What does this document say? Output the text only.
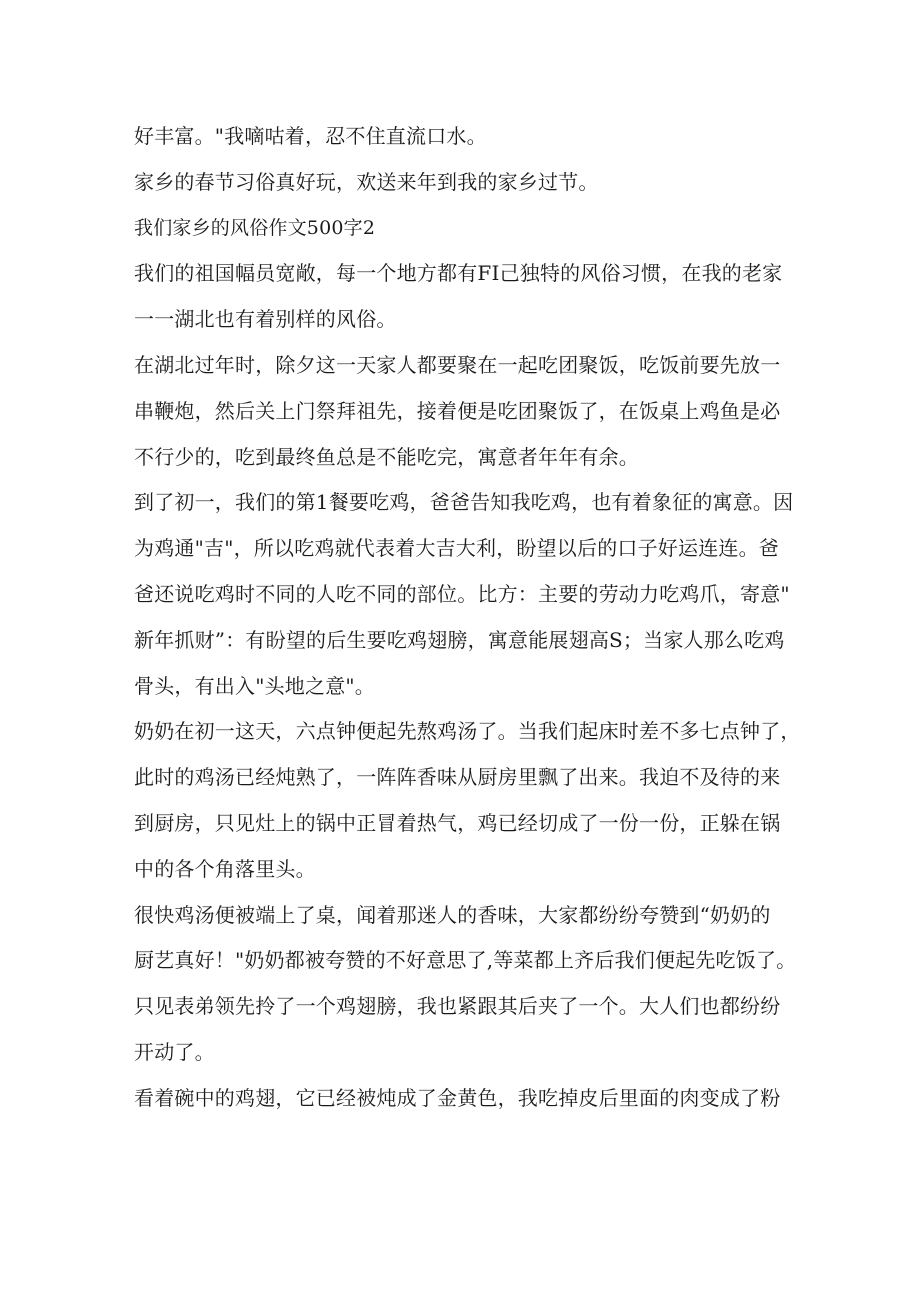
好丰富。"我嘀咕着，忍不住直流口水。

家乡的春节习俗真好玩，欢送来年到我的家乡过节。

我们家乡的风俗作文500字2

我们的祖国幅员宽敞，每一个地方都有FI己独特的风俗习惯，在我的老家
一一湖北也有着别样的风俗。

在湖北过年时，除夕这一天家人都要聚在一起吃团聚饭，吃饭前要先放一
串鞭炮，然后关上门祭拜祖先，接着便是吃团聚饭了，在饭桌上鸡鱼是必
不行少的，吃到最终鱼总是不能吃完，寓意者年年有余。

到了初一，我们的第1餐要吃鸡，爸爸告知我吃鸡，也有着象征的寓意。因
为鸡通"吉"，所以吃鸡就代表着大吉大利，盼望以后的口子好运连连。爸
爸还说吃鸡时不同的人吃不同的部位。比方：主要的劳动力吃鸡爪，寄意"
新年抓财”：有盼望的后生要吃鸡翅膀，寓意能展翅高S；当家人那么吃鸡
骨头，有出入"头地之意"。

奶奶在初一这天，六点钟便起先熬鸡汤了。当我们起床时差不多七点钟了，
此时的鸡汤已经炖熟了，一阵阵香味从厨房里飘了出来。我迫不及待的来
到厨房，只见灶上的锅中正冒着热气，鸡已经切成了一份一份，正躲在锅
中的各个角落里头。

很快鸡汤便被端上了桌，闻着那迷人的香味，大家都纷纷夸赞到“奶奶的
厨艺真好！"奶奶都被夸赞的不好意思了,等菜都上齐后我们便起先吃饭了。
只见表弟领先拎了一个鸡翅膀，我也紧跟其后夹了一个。大人们也都纷纷
开动了。

看着碗中的鸡翅，它已经被炖成了金黄色，我吃掉皮后里面的肉变成了粉
